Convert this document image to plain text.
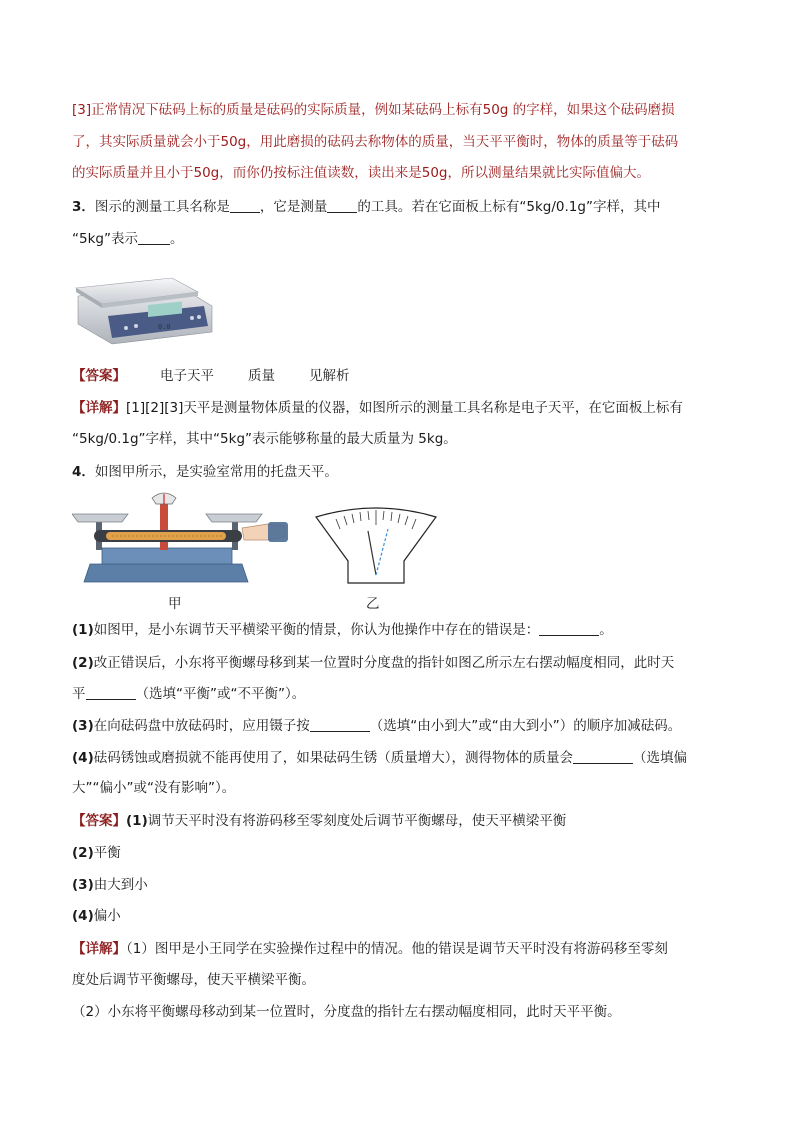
[3]正常情况下砝码上标的质量是砝码的实际质量，例如某砝码上标有50g 的字样，如果这个砝码磨损
了，其实际质量就会小于50g，用此磨损的砝码去称物体的质量，当天平平衡时，物体的质量等于砝码
的实际质量并且小于50g，而你仍按标注值读数，读出来是50g，所以测量结果就比实际值偏大。
3．图示的测量工具名称是 ，它是测量 的工具。若在它面板上标有“5kg/0.1g”字样，其中
“5kg”表示 。
0.0
【答案】	电子天平	质量	见解析
【详解】[1][2][3]天平是测量物体质量的仪器，如图所示的测量工具名称是电子天平，在它面板上标有
“5kg/0.1g”字样，其中“5kg”表示能够称量的最大质量为 5kg。
4．如图甲所示，是实验室常用的托盘天平。
甲	乙
(1)如图甲，是小东调节天平横梁平衡的情景，你认为他操作中存在的错误是：	。
(2)改正错误后，小东将平衡螺母移到某一位置时分度盘的指针如图乙所示左右摆动幅度相同，此时天
平	（选填“平衡”或“不平衡”）。
(3)在向砝码盘中放砝码时，应用镊子按	（选填“由小到大”或“由大到小”）的顺序加减砝码。
(4)砝码锈蚀或磨损就不能再使用了，如果砝码生锈（质量增大），测得物体的质量会	（选填偏
大”“偏小”或“没有影响”）。
【答案】(1)调节天平时没有将游码移至零刻度处后调节平衡螺母，使天平横梁平衡
(2)平衡
(3)由大到小
(4)偏小
【详解】（1）图甲是小王同学在实验操作过程中的情况。他的错误是调节天平时没有将游码移至零刻
度处后调节平衡螺母，使天平横梁平衡。
（2）小东将平衡螺母移动到某一位置时，分度盘的指针左右摆动幅度相同，此时天平平衡。
